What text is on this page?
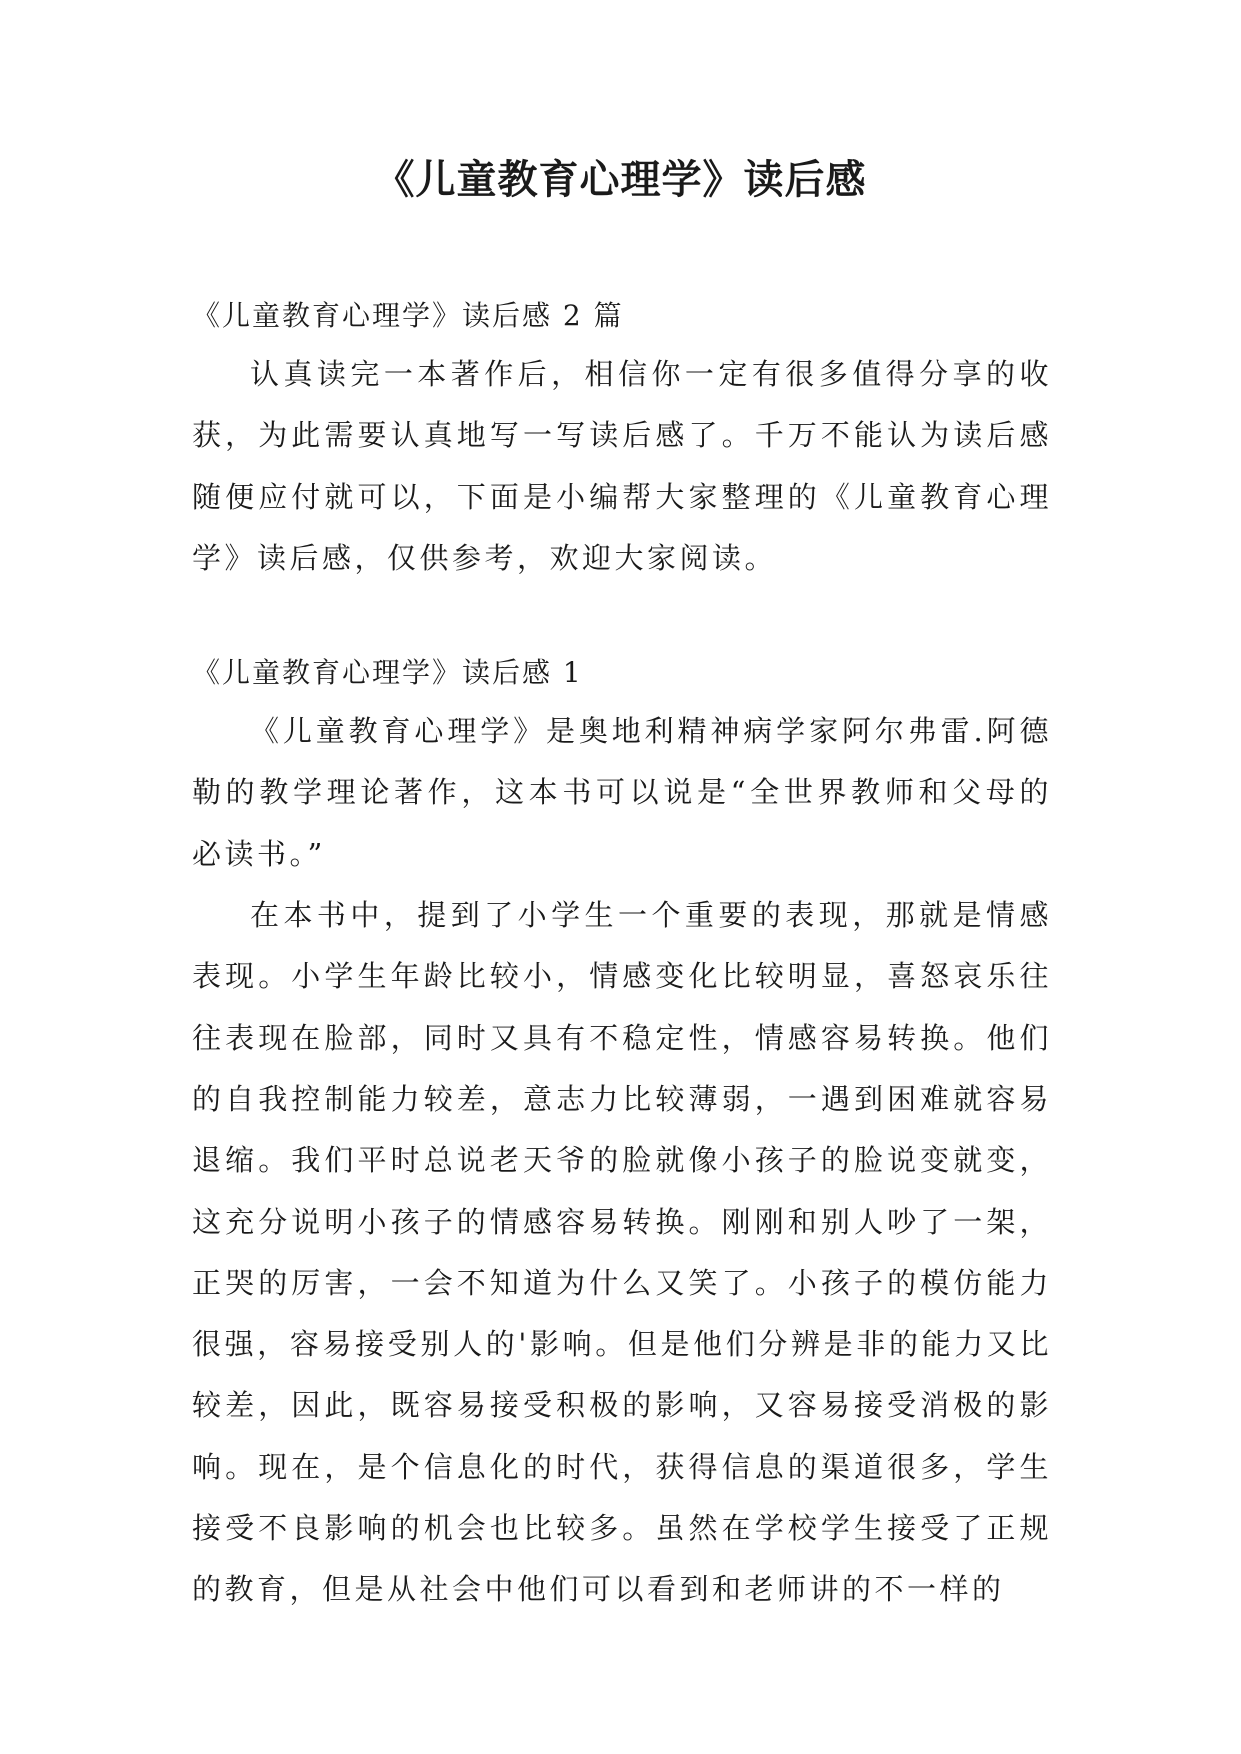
《儿童教育心理学》读后感

《儿童教育心理学》读后感 2 篇

认真读完一本著作后，相信你一定有很多值得分享的收获，为此需要认真地写一写读后感了。千万不能认为读后感随便应付就可以，下面是小编帮大家整理的《儿童教育心理学》读后感，仅供参考，欢迎大家阅读。

《儿童教育心理学》读后感 1

《儿童教育心理学》是奥地利精神病学家阿尔弗雷.阿德勒的教学理论著作，这本书可以说是“全世界教师和父母的必读书。”

在本书中，提到了小学生一个重要的表现，那就是情感表现。小学生年龄比较小，情感变化比较明显，喜怒哀乐往往表现在脸部，同时又具有不稳定性，情感容易转换。他们的自我控制能力较差，意志力比较薄弱，一遇到困难就容易退缩。我们平时总说老天爷的脸就像小孩子的脸说变就变，这充分说明小孩子的情感容易转换。刚刚和别人吵了一架，正哭的厉害，一会不知道为什么又笑了。小孩子的模仿能力很强，容易接受别人的'影响。但是他们分辨是非的能力又比较差，因此，既容易接受积极的影响，又容易接受消极的影响。现在，是个信息化的时代，获得信息的渠道很多，学生接受不良影响的机会也比较多。虽然在学校学生接受了正规的教育，但是从社会中他们可以看到和老师讲的不一样的
